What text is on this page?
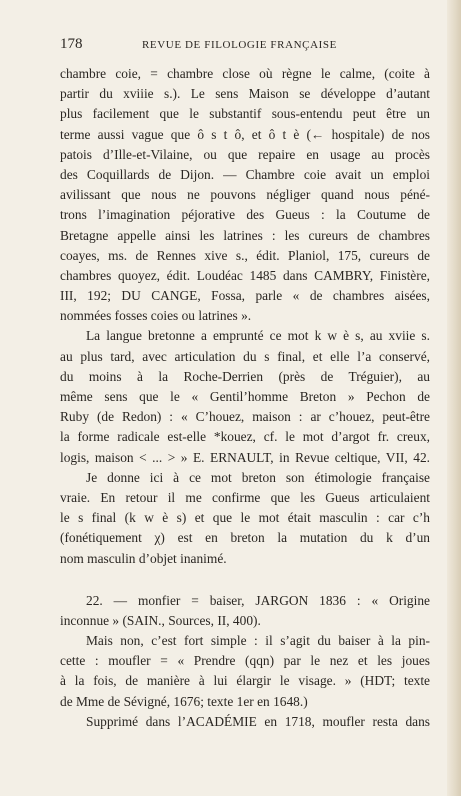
178	REVUE DE FILOLOGIE FRANÇAISE

chambre coie, = chambre close où règne le calme, (coite à
partir du xviiie s.). Le sens Maison se développe d’autant
plus facilement que le substantif sous-entendu peut être un
terme aussi vague que ô s t ô, et ô t è (← hospitale) de nos
patois d’Ille-et-Vilaine, ou que repaire en usage au procès
des Coquillards de Dijon. — Chambre coie avait un emploi
avilissant que nous ne pouvons négliger quand nous péné-
trons l’imagination péjorative des Gueus : la Coutume de
Bretagne appelle ainsi les latrines : les cureurs de chambres
coayes, ms. de Rennes xive s., édit. Planiol, 175, cureurs de
chambres quoyez, édit. Loudéac 1485 dans CAMBRY, Finistère,
III, 192; DU CANGE, Fossa, parle « de chambres aisées,
nommées fosses coies ou latrines ».

La langue bretonne a emprunté ce mot k w è s, au xviie s.
au plus tard, avec articulation du s final, et elle l’a conservé,
du moins à la Roche-Derrien (près de Tréguier), au
même sens que le « Gentil’homme Breton » Pechon de
Ruby (de Redon) : « C’houez, maison : ar c’houez, peut-être
la forme radicale est-elle *kouez, cf. le mot d’argot fr. creux,
logis, maison < ... > » E. ERNAULT, in Revue celtique, VII, 42.

Je donne ici à ce mot breton son étimologie française
vraie. En retour il me confirme que les Gueus articulaient
le s final (k w è s) et que le mot était masculin : car c’h
(fonétiquement χ) est en breton la mutation du k d’un
nom masculin d’objet inanimé.

22. — monfier = baiser, JARGON 1836 : « Origine
inconnue » (SAIN., Sources, II, 400).

Mais non, c’est fort simple : il s’agit du baiser à la pin-
cette : moufler = « Prendre (qqn) par le nez et les joues
à la fois, de manière à lui élargir le visage. » (HDT; texte
de Mme de Sévigné, 1676; texte 1er en 1648.)

Supprimé dans l’ACADÉMIE en 1718, moufler resta dans
